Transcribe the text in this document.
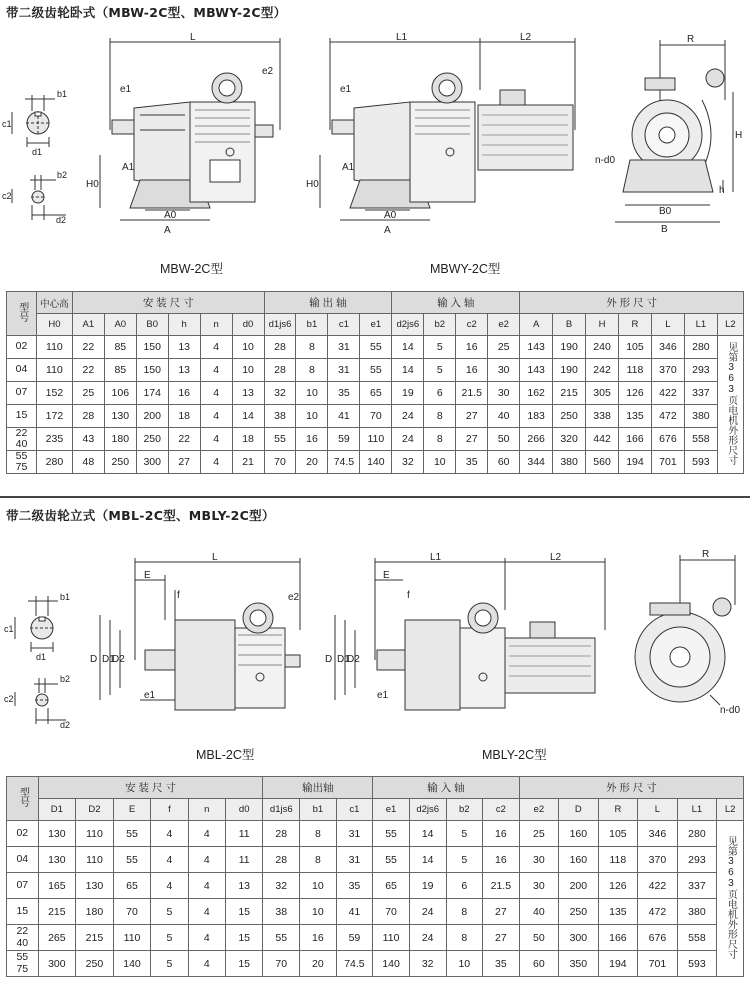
带二级齿轮卧式（MBW-2C型、MBWY-2C型）
b1
c1
d1
b2
c2
d2
L
e1
e2
H0
A1
A0
A
L1	L2
e1
H0
A1
A0
A
R
H
h
n-d0
B0
B
MBW-2C型	MBWY-2C型
型号	中心高	安 装 尺 寸						输 出 轴				输 入 轴				外 形 尺 寸						
	H0	A1	A0	B0	h	n	d0	d1js6	b1	c1	e1	d2js6	b2	c2	e2	A	B	H	R	L	L1	L2

02	110	22	85	150	13	4	10	28	8	31	55	14	5	16	25	143	190	240	105	346	280	见第363页电机外形尺寸

04	110	22	85	150	13	4	10	28	8	31	55	14	5	16	30	143	190	242	118	370	293	

07	152	25	106	174	16	4	13	32	10	35	65	19	6	21.5	30	162	215	305	126	422	337	

15	172	28	130	200	18	4	14	38	10	41	70	24	8	27	40	183	250	338	135	472	380	

22
40	235	43	180	250	22	4	18	55	16	59	110	24	8	27	50	266	320	442	166	676	558	

55
75	280	48	250	300	27	4	21	70	20	74.5	140	32	10	35	60	344	380	560	194	701	593	
带二级齿轮立式（MBL-2C型、MBLY-2C型）
b1
c1
d1
b2
c2
d2
L
E
f	e2
D D1
D2
e1
L1	L2
E
f
D D1
D2
e1
R
n-d0
MBL-2C型	MBLY-2C型
型号	安 装 尺 寸						输出轴			输 入 轴				外 形 尺 寸					
	D1	D2	E	f	n	d0	d1js6	b1	c1	e1	d2js6	b2	c2	e2	D	R	L	L1	L2

02	130	110	55	4	4	11	28	8	31	55	14	5	16	25	160	105	346	280	见第363页电机外形尺寸

04	130	110	55	4	4	11	28	8	31	55	14	5	16	30	160	118	370	293	

07	165	130	65	4	4	13	32	10	35	65	19	6	21.5	30	200	126	422	337	

15	215	180	70	5	4	15	38	10	41	70	24	8	27	40	250	135	472	380	

22
40	265	215	110	5	4	15	55	16	59	110	24	8	27	50	300	166	676	558	

55
75	300	250	140	5	4	15	70	20	74.5	140	32	10	35	60	350	194	701	593	
